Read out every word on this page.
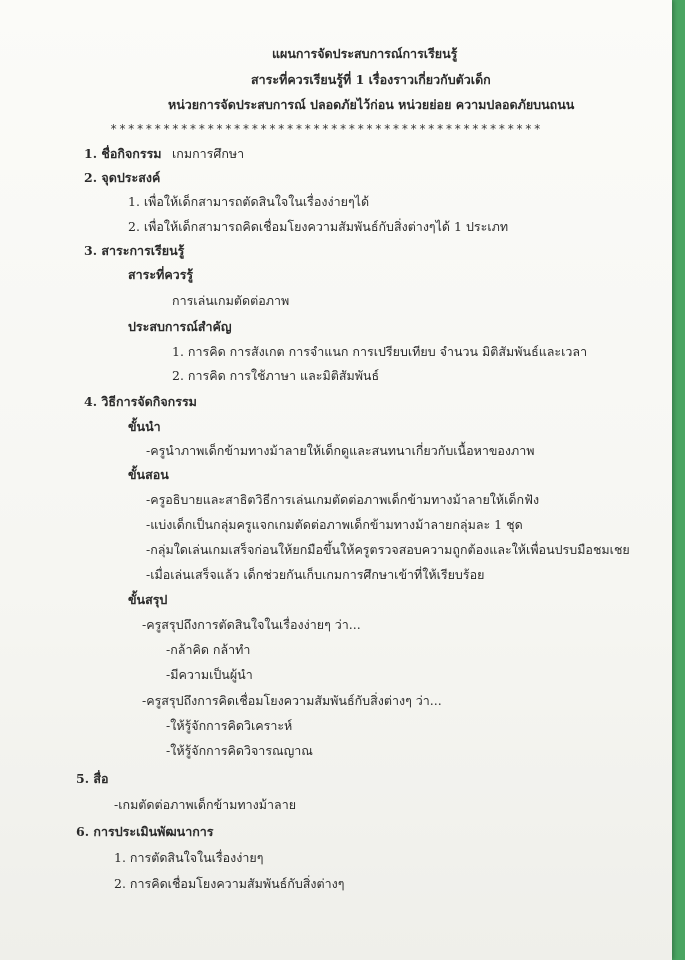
แผนการจัดประสบการณ์การเรียนรู้
สาระที่ควรเรียนรู้ที่ 1 เรื่องราวเกี่ยวกับตัวเด็ก
หน่วยการจัดประสบการณ์ ปลอดภัยไว้ก่อน หน่วยย่อย ความปลอดภัยบนถนน
*************************************************
1. ชื่อกิจกรรม เกมการศึกษา
2. จุดประสงค์
1. เพื่อให้เด็กสามารถตัดสินใจในเรื่องง่ายๆได้
2. เพื่อให้เด็กสามารถคิดเชื่อมโยงความสัมพันธ์กับสิ่งต่างๆได้ 1 ประเภท
3. สาระการเรียนรู้
สาระที่ควรรู้
การเล่นเกมตัดต่อภาพ
ประสบการณ์สำคัญ
1. การคิด การสังเกต การจำแนก การเปรียบเทียบ จำนวน มิติสัมพันธ์และเวลา
2. การคิด การใช้ภาษา และมิติสัมพันธ์
4. วิธีการจัดกิจกรรม
ขั้นนำ
-ครูนำภาพเด็กข้ามทางม้าลายให้เด็กดูและสนทนาเกี่ยวกับเนื้อหาของภาพ
ขั้นสอน
-ครูอธิบายและสาธิตวิธีการเล่นเกมตัดต่อภาพเด็กข้ามทางม้าลายให้เด็กฟัง
-แบ่งเด็กเป็นกลุ่มครูแจกเกมตัดต่อภาพเด็กข้ามทางม้าลายกลุ่มละ 1 ชุด
-กลุ่มใดเล่นเกมเสร็จก่อนให้ยกมือขึ้นให้ครูตรวจสอบความถูกต้องและให้เพื่อนปรบมือชมเชย
-เมื่อเล่นเสร็จแล้ว เด็กช่วยกันเก็บเกมการศึกษาเข้าที่ให้เรียบร้อย
ขั้นสรุป
-ครูสรุปถึงการตัดสินใจในเรื่องง่ายๆ ว่า...
-กล้าคิด กล้าทำ
-มีความเป็นผู้นำ
-ครูสรุปถึงการคิดเชื่อมโยงความสัมพันธ์กับสิ่งต่างๆ ว่า...
-ให้รู้จักการคิดวิเคราะห์
-ให้รู้จักการคิดวิจารณญาณ
5. สื่อ
-เกมตัดต่อภาพเด็กข้ามทางม้าลาย
6. การประเมินพัฒนาการ
1. การตัดสินใจในเรื่องง่ายๆ
2. การคิดเชื่อมโยงความสัมพันธ์กับสิ่งต่างๆ
